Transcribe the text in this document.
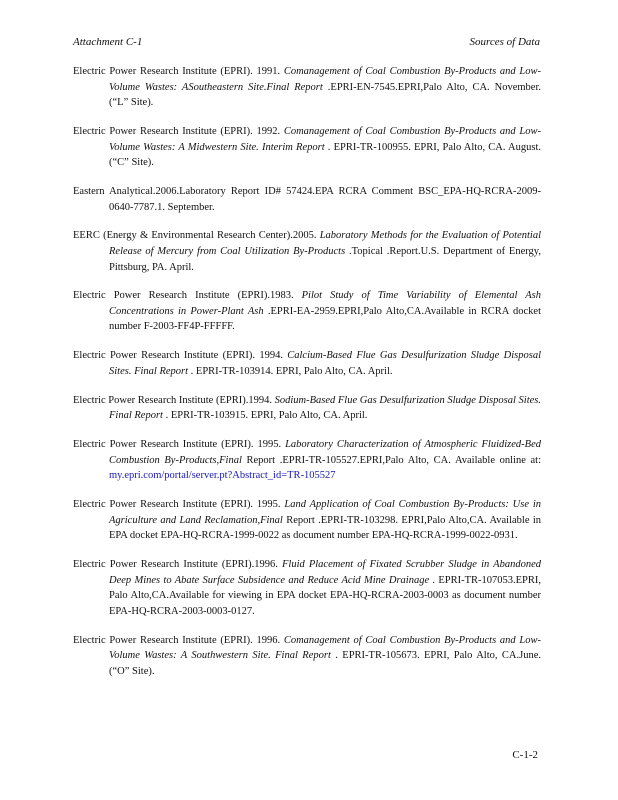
Attachment C-1	Sources of Data

Electric Power Research Institute (EPRI). 1991. Comanagement of Coal Combustion By-Products and Low-Volume Wastes: ASoutheastern Site.Final Report .EPRI-EN-7545.EPRI,Palo Alto, CA. November. (“L” Site).

Electric Power Research Institute (EPRI). 1992. Comanagement of Coal Combustion By-Products and Low-Volume Wastes: A Midwestern Site. Interim Report . EPRI-TR-100955. EPRI, Palo Alto, CA. August. (“C” Site).

Eastern Analytical.2006.Laboratory Report ID# 57424.EPA RCRA Comment BSC_EPA-HQ-RCRA-2009-0640-7787.1. September.

EERC (Energy & Environmental Research Center).2005. Laboratory Methods for the Evaluation of Potential Release of Mercury from Coal Utilization By-Products .Topical .Report.U.S. Department of Energy, Pittsburg, PA. April.

Electric Power Research Institute (EPRI).1983. Pilot Study of Time Variability of Elemental Ash Concentrations in Power-Plant Ash .EPRI-EA-2959.EPRI,Palo Alto,CA.Available in RCRA docket number F-2003-FF4P-FFFFF.

Electric Power Research Institute (EPRI). 1994. Calcium-Based Flue Gas Desulfurization Sludge Disposal Sites. Final Report . EPRI-TR-103914. EPRI, Palo Alto, CA. April.

Electric Power Research Institute (EPRI).1994. Sodium-Based Flue Gas Desulfurization Sludge Disposal Sites. Final Report . EPRI-TR-103915. EPRI, Palo Alto, CA. April.

Electric Power Research Institute (EPRI). 1995. Laboratory Characterization of Atmospheric Fluidized-Bed Combustion By-Products,Final Report .EPRI-TR-105527.EPRI,Palo Alto, CA. Available online at: my.epri.com/portal/server.pt?Abstract_id=TR-105527

Electric Power Research Institute (EPRI). 1995. Land Application of Coal Combustion By-Products: Use in Agriculture and Land Reclamation,Final Report .EPRI-TR-103298. EPRI,Palo Alto,CA. Available in EPA docket EPA-HQ-RCRA-1999-0022 as document number EPA-HQ-RCRA-1999-0022-0931.

Electric Power Research Institute (EPRI).1996. Fluid Placement of Fixated Scrubber Sludge in Abandoned Deep Mines to Abate Surface Subsidence and Reduce Acid Mine Drainage . EPRI-TR-107053.EPRI, Palo Alto,CA.Available for viewing in EPA docket EPA-HQ-RCRA-2003-0003 as document number EPA-HQ-RCRA-2003-0003-0127.

Electric Power Research Institute (EPRI). 1996. Comanagement of Coal Combustion By-Products and Low-Volume Wastes: A Southwestern Site. Final Report . EPRI-TR-105673. EPRI, Palo Alto, CA.June. (“O” Site).

C-1-2
